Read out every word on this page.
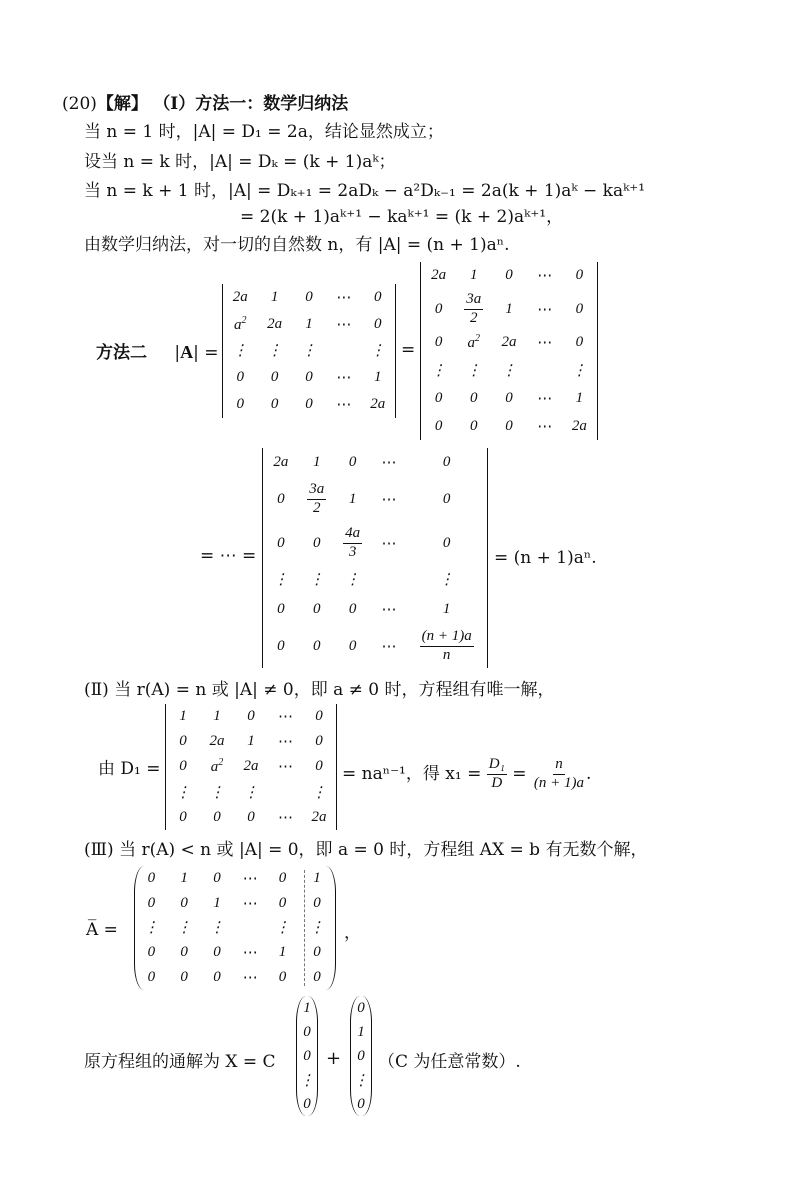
(20)【解】 （Ⅰ）方法一：数学归纳法
当 n = 1 时，|A| = D₁ = 2a，结论显然成立；
设当 n = k 时，|A| = Dₖ = (k + 1)aᵏ；
当 n = k + 1 时，|A| = Dₖ₊₁ = 2aDₖ − a²Dₖ₋₁ = 2a(k + 1)aᵏ − kaᵏ⁺¹
= 2(k + 1)aᵏ⁺¹ − kaᵏ⁺¹ = (k + 2)aᵏ⁺¹，
由数学归纳法，对一切的自然数 n，有 |A| = (n + 1)aⁿ.
方法二 |A| =
2a 1 0 ⋯ 0
$a^2$ 2a 1 ⋯ 0
⋮ ⋮ ⋮	⋮
0 0 0 ⋯ 1
0 0 0 ⋯ 2a
=
2a 1 0 ⋯ 0
$0 \frac{3a}{2} 1$ ⋯ 0
0 $a^2$ 2a ⋯ 0
⋮ ⋮ ⋮	⋮
0 0 0 ⋯ 1
0 0 0 ⋯ 2a
= ⋯ =
2a 1 0 ⋯	0
$0 \frac{3a}{2} 1$ ⋯	0
0 $0 \frac{4a}{3}$ ⋯	0
⋮ ⋮ ⋮	⋮
0 0 0 ⋯	1
0 0 0 ⋯ $\frac{(n + 1)a}{n}$
= (n + 1)aⁿ.
(Ⅱ) 当 r(A) = n 或 |A| ≠ 0，即 a ≠ 0 时，方程组有唯一解，
由 D₁ =
1 1 0 ⋯ 0
0 2a 1 ⋯ 0
0 $a^2$ 2a ⋯ 0
⋮ ⋮ ⋮	⋮
0 0 0 ⋯ 2a
= naⁿ⁻¹，得 $x_1 = \frac{\text{D₁}}{D} = \frac{n}{(n + 1)a}$ .
(Ⅲ) 当 r(A) < n 或 |A| = 0，即 a = 0 时，方程组 AX = b 有无数个解，
A̅ =
0 1 0 ⋯ 0 1
0 0 1 ⋯ 0 0
⋮ ⋮ ⋮	⋮ ⋮
0 0 0 ⋯ 1 0
0 0 0 ⋯ 0 0
，
原方程组的通解为 X = C
1
0
0
⋮
0
+
0
1
0
⋮
0
（C 为任意常数）.
